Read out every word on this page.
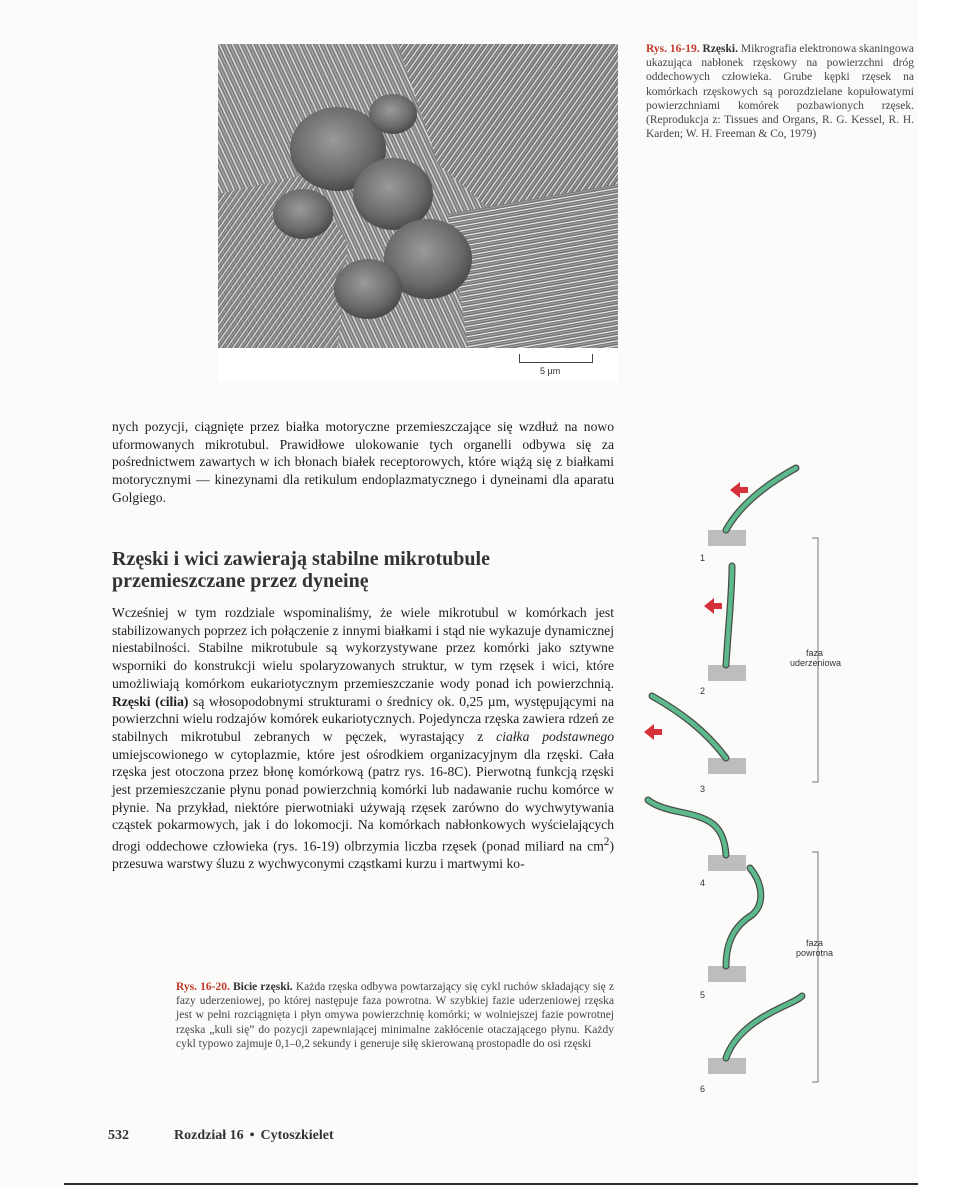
5 µm
Rys. 16-19. Rzęski. Mikrografia elektronowa skaningowa ukazująca nabłonek rzęskowy na powierzchni dróg oddechowych człowieka. Grube kępki rzęsek na komórkach rzęskowych są porozdzielane kopułowatymi powierzchniami komórek pozbawionych rzęsek. (Reprodukcja z: Tissues and Organs, R. G. Kessel, R. H. Karden; W. H. Freeman & Co, 1979)
nych pozycji, ciągnięte przez białka motoryczne przemieszczające się wzdłuż na nowo uformowanych mikrotubul. Prawidłowe ulokowanie tych organelli odbywa się za pośrednictwem zawartych w ich błonach białek receptorowych, które wiążą się z białkami motorycznymi — kinezynami dla retikulum endoplazmatycznego i dyneinami dla aparatu Golgiego.
Rzęski i wici zawierają stabilne mikrotubule przemieszczane przez dyneinę
Wcześniej w tym rozdziale wspominaliśmy, że wiele mikrotubul w komórkach jest stabilizowanych poprzez ich połączenie z innymi białkami i stąd nie wykazuje dynamicznej niestabilności. Stabilne mikrotubule są wykorzystywane przez komórki jako sztywne wsporniki do konstrukcji wielu spolaryzowanych struktur, w tym rzęsek i wici, które umożliwiają komórkom eukariotycznym przemieszczanie wody ponad ich powierzchnią. Rzęski (cilia) są włosopodobnymi strukturami o średnicy ok. 0,25 µm, występującymi na powierzchni wielu rodzajów komórek eukariotycznych. Pojedyncza rzęska zawiera rdzeń ze stabilnych mikrotubul zebranych w pęczek, wyrastający z ciałka podstawnego umiejscowionego w cytoplazmie, które jest ośrodkiem organizacyjnym dla rzęski. Cała rzęska jest otoczona przez błonę komórkową (patrz rys. 16-8C). Pierwotną funkcją rzęski jest przemieszczanie płynu ponad powierzchnią komórki lub nadawanie ruchu komórce w płynie. Na przykład, niektóre pierwotniaki używają rzęsek zarówno do wychwytywania cząstek pokarmowych, jak i do lokomocji. Na komórkach nabłonkowych wyścielających drogi oddechowe człowieka (rys. 16-19) olbrzymia liczba rzęsek (ponad miliard na $cm^2$) przesuwa warstwy śluzu z wychwyconymi cząstkami kurzu i martwymi ko-
1
2
3
4
5
6
faza
uderzeniowa
faza
powrotna
Rys. 16-20. Bicie rzęski. Każda rzęska odbywa powtarzający się cykl ruchów składający się z fazy uderzeniowej, po której następuje faza powrotna. W szybkiej fazie uderzeniowej rzęska jest w pełni rozciągnięta i płyn omywa powierzchnię komórki; w wolniejszej fazie powrotnej rzęska „kuli się” do pozycji zapewniającej minimalne zakłócenie otaczającego płynu. Każdy cykl typowo zajmuje 0,1–0,2 sekundy i generuje siłę skierowaną prostopadle do osi rzęski
532	Rozdział 16 • Cytoszkielet
